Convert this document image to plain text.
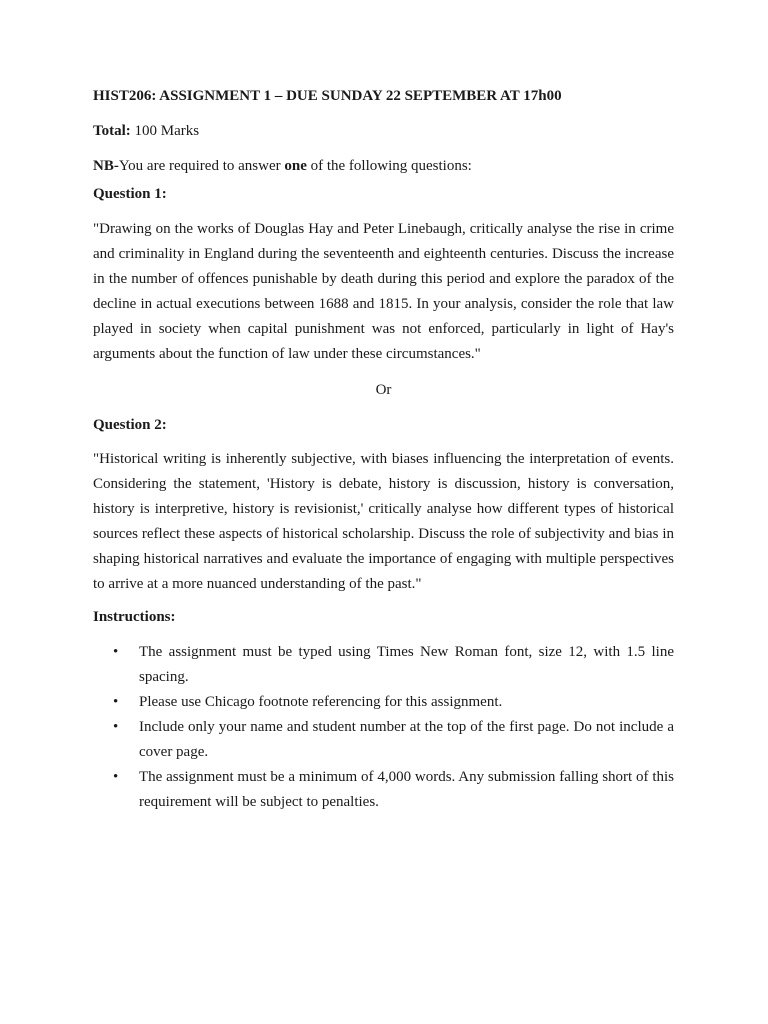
HIST206: ASSIGNMENT 1 – DUE SUNDAY 22 SEPTEMBER AT 17h00

Total: 100 Marks

NB-You are required to answer one of the following questions:

Question 1:

"Drawing on the works of Douglas Hay and Peter Linebaugh, critically analyse the rise in crime and criminality in England during the seventeenth and eighteenth centuries. Discuss the increase in the number of offences punishable by death during this period and explore the paradox of the decline in actual executions between 1688 and 1815. In your analysis, consider the role that law played in society when capital punishment was not enforced, particularly in light of Hay's arguments about the function of law under these circumstances."

Or

Question 2:

"Historical writing is inherently subjective, with biases influencing the interpretation of events. Considering the statement, 'History is debate, history is discussion, history is conversation, history is interpretive, history is revisionist,' critically analyse how different types of historical sources reflect these aspects of historical scholarship. Discuss the role of subjectivity and bias in shaping historical narratives and evaluate the importance of engaging with multiple perspectives to arrive at a more nuanced understanding of the past."

Instructions:

• The assignment must be typed using Times New Roman font, size 12, with 1.5 line spacing.
• Please use Chicago footnote referencing for this assignment.
• Include only your name and student number at the top of the first page. Do not include a cover page.
• The assignment must be a minimum of 4,000 words. Any submission falling short of this requirement will be subject to penalties.
